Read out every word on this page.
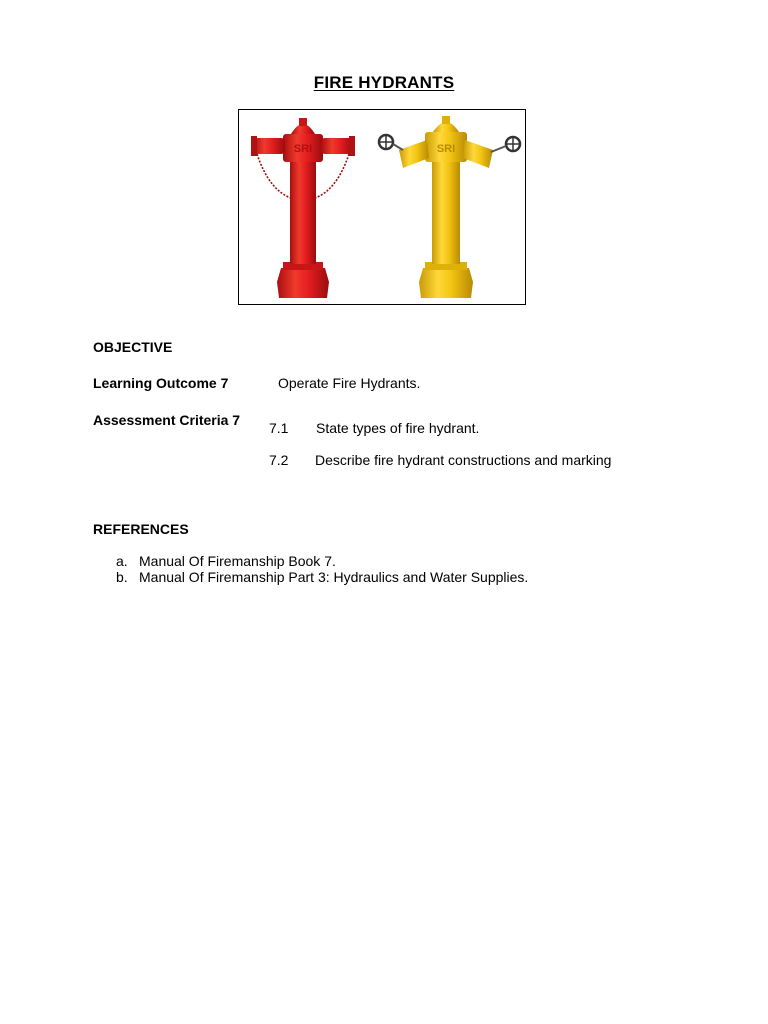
FIRE HYDRANTS
SRI	SRI
OBJECTIVE
Learning Outcome 7	Operate Fire Hydrants.
Assessment Criteria 7 7.1 State types of fire hydrant.
7.2 Describe fire hydrant constructions and marking
REFERENCES
a. Manual Of Firemanship Book 7.
b. Manual Of Firemanship Part 3: Hydraulics and Water Supplies.
